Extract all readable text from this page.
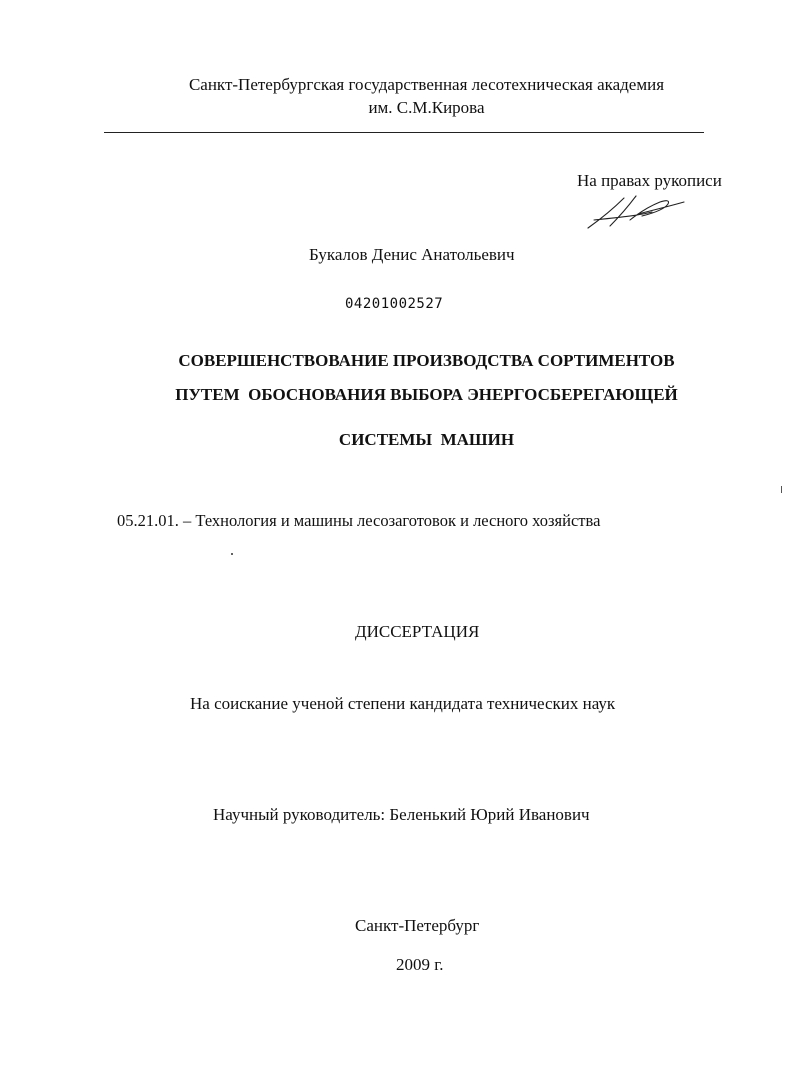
Санкт-Петербургская государственная лесотехническая академия
им. С.М.Кирова
На правах рукописи
Букалов Денис Анатольевич
04201002527
СОВЕРШЕНСТВОВАНИЕ ПРОИЗВОДСТВА СОРТИМЕНТОВ
ПУТЕМ  ОБОСНОВАНИЯ ВЫБОРА ЭНЕРГОСБЕРЕГАЮЩЕЙ
СИСТЕМЫ  МАШИН
05.21.01. – Технология и машины лесозаготовок и лесного хозяйства
ДИССЕРТАЦИЯ
На соискание ученой степени кандидата технических наук
Научный руководитель: Беленький Юрий Иванович
Санкт-Петербург
2009 г.
